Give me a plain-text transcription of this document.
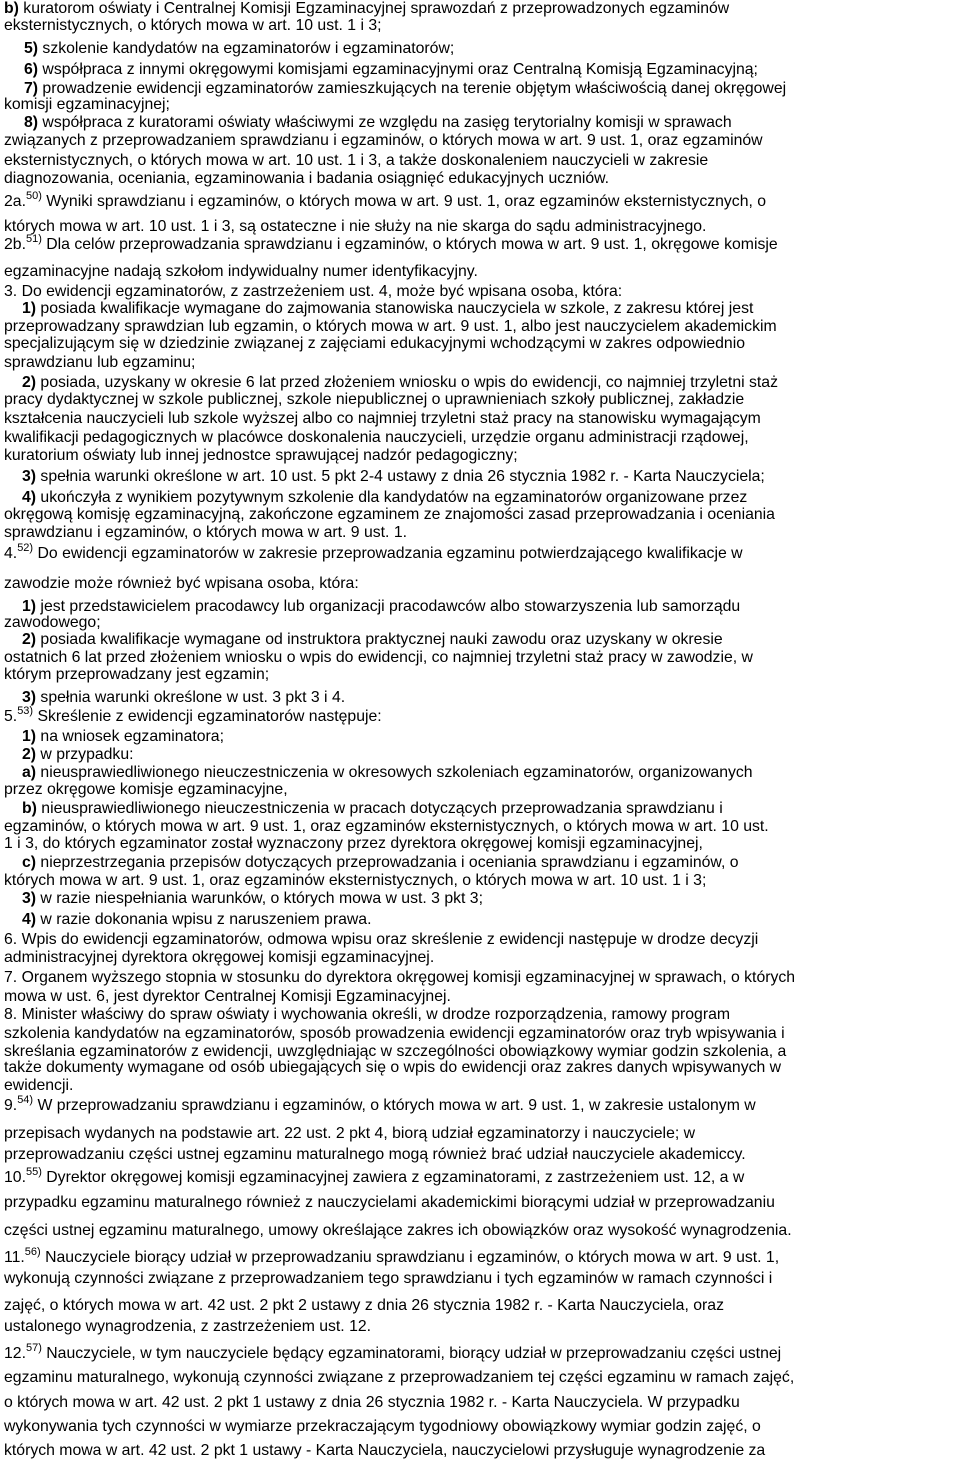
b) kuratorom oświaty i Centralnej Komisji Egzaminacyjnej sprawozdań z przeprowadzonych egzaminów
eksternistycznych, o których mowa w art. 10 ust. 1 i 3;
5) szkolenie kandydatów na egzaminatorów i egzaminatorów;
6) współpraca z innymi okręgowymi komisjami egzaminacyjnymi oraz Centralną Komisją Egzaminacyjną;
7) prowadzenie ewidencji egzaminatorów zamieszkujących na terenie objętym właściwością danej okręgowej
komisji egzaminacyjnej;
8) współpraca z kuratorami oświaty właściwymi ze względu na zasięg terytorialny komisji w sprawach
związanych z przeprowadzaniem sprawdzianu i egzaminów, o których mowa w art. 9 ust. 1, oraz egzaminów
eksternistycznych, o których mowa w art. 10 ust. 1 i 3, a także doskonaleniem nauczycieli w zakresie
diagnozowania, oceniania, egzaminowania i badania osiągnięć edukacyjnych uczniów.
2a.$^{50)}$ Wyniki sprawdzianu i egzaminów, o których mowa w art. 9 ust. 1, oraz egzaminów eksternistycznych, o
których mowa w art. 10 ust. 1 i 3, są ostateczne i nie służy na nie skarga do sądu administracyjnego.
2b.$^{51)}$ Dla celów przeprowadzania sprawdzianu i egzaminów, o których mowa w art. 9 ust. 1, okręgowe komisje
egzaminacyjne nadają szkołom indywidualny numer identyfikacyjny.
3. Do ewidencji egzaminatorów, z zastrzeżeniem ust. 4, może być wpisana osoba, która:
1) posiada kwalifikacje wymagane do zajmowania stanowiska nauczyciela w szkole, z zakresu której jest
przeprowadzany sprawdzian lub egzamin, o których mowa w art. 9 ust. 1, albo jest nauczycielem akademickim
specjalizującym się w dziedzinie związanej z zajęciami edukacyjnymi wchodzącymi w zakres odpowiednio
sprawdzianu lub egzaminu;
2) posiada, uzyskany w okresie 6 lat przed złożeniem wniosku o wpis do ewidencji, co najmniej trzyletni staż
pracy dydaktycznej w szkole publicznej, szkole niepublicznej o uprawnieniach szkoły publicznej, zakładzie
kształcenia nauczycieli lub szkole wyższej albo co najmniej trzyletni staż pracy na stanowisku wymagającym
kwalifikacji pedagogicznych w placówce doskonalenia nauczycieli, urzędzie organu administracji rządowej,
kuratorium oświaty lub innej jednostce sprawującej nadzór pedagogiczny;
3) spełnia warunki określone w art. 10 ust. 5 pkt 2-4 ustawy z dnia 26 stycznia 1982 r. - Karta Nauczyciela;
4) ukończyła z wynikiem pozytywnym szkolenie dla kandydatów na egzaminatorów organizowane przez
okręgową komisję egzaminacyjną, zakończone egzaminem ze znajomości zasad przeprowadzania i oceniania
sprawdzianu i egzaminów, o których mowa w art. 9 ust. 1.
4.$^{52)}$ Do ewidencji egzaminatorów w zakresie przeprowadzania egzaminu potwierdzającego kwalifikacje w
zawodzie może również być wpisana osoba, która:
1) jest przedstawicielem pracodawcy lub organizacji pracodawców albo stowarzyszenia lub samorządu
zawodowego;
2) posiada kwalifikacje wymagane od instruktora praktycznej nauki zawodu oraz uzyskany w okresie
ostatnich 6 lat przed złożeniem wniosku o wpis do ewidencji, co najmniej trzyletni staż pracy w zawodzie, w
którym przeprowadzany jest egzamin;
3) spełnia warunki określone w ust. 3 pkt 3 i 4.
5.$^{53)}$ Skreślenie z ewidencji egzaminatorów następuje:
1) na wniosek egzaminatora;
2) w przypadku:
a) nieusprawiedliwionego nieuczestniczenia w okresowych szkoleniach egzaminatorów, organizowanych
przez okręgowe komisje egzaminacyjne,
b) nieusprawiedliwionego nieuczestniczenia w pracach dotyczących przeprowadzania sprawdzianu i
egzaminów, o których mowa w art. 9 ust. 1, oraz egzaminów eksternistycznych, o których mowa w art. 10 ust.
1 i 3, do których egzaminator został wyznaczony przez dyrektora okręgowej komisji egzaminacyjnej,
c) nieprzestrzegania przepisów dotyczących przeprowadzania i oceniania sprawdzianu i egzaminów, o
których mowa w art. 9 ust. 1, oraz egzaminów eksternistycznych, o których mowa w art. 10 ust. 1 i 3;
3) w razie niespełniania warunków, o których mowa w ust. 3 pkt 3;
4) w razie dokonania wpisu z naruszeniem prawa.
6. Wpis do ewidencji egzaminatorów, odmowa wpisu oraz skreślenie z ewidencji następuje w drodze decyzji
administracyjnej dyrektora okręgowej komisji egzaminacyjnej.
7. Organem wyższego stopnia w stosunku do dyrektora okręgowej komisji egzaminacyjnej w sprawach, o których
mowa w ust. 6, jest dyrektor Centralnej Komisji Egzaminacyjnej.
8. Minister właściwy do spraw oświaty i wychowania określi, w drodze rozporządzenia, ramowy program
szkolenia kandydatów na egzaminatorów, sposób prowadzenia ewidencji egzaminatorów oraz tryb wpisywania i
skreślania egzaminatorów z ewidencji, uwzględniając w szczególności obowiązkowy wymiar godzin szkolenia, a
także dokumenty wymagane od osób ubiegających się o wpis do ewidencji oraz zakres danych wpisywanych w
ewidencji.
9.$^{54)}$ W przeprowadzaniu sprawdzianu i egzaminów, o których mowa w art. 9 ust. 1, w zakresie ustalonym w
przepisach wydanych na podstawie art. 22 ust. 2 pkt 4, biorą udział egzaminatorzy i nauczyciele; w
przeprowadzaniu części ustnej egzaminu maturalnego mogą również brać udział nauczyciele akademiccy.
10.$^{55)}$ Dyrektor okręgowej komisji egzaminacyjnej zawiera z egzaminatorami, z zastrzeżeniem ust. 12, a w
przypadku egzaminu maturalnego również z nauczycielami akademickimi biorącymi udział w przeprowadzaniu
części ustnej egzaminu maturalnego, umowy określające zakres ich obowiązków oraz wysokość wynagrodzenia.
11.$^{56)}$ Nauczyciele biorący udział w przeprowadzaniu sprawdzianu i egzaminów, o których mowa w art. 9 ust. 1,
wykonują czynności związane z przeprowadzaniem tego sprawdzianu i tych egzaminów w ramach czynności i
zajęć, o których mowa w art. 42 ust. 2 pkt 2 ustawy z dnia 26 stycznia 1982 r. - Karta Nauczyciela, oraz
ustalonego wynagrodzenia, z zastrzeżeniem ust. 12.
12.$^{57)}$ Nauczyciele, w tym nauczyciele będący egzaminatorami, biorący udział w przeprowadzaniu części ustnej
egzaminu maturalnego, wykonują czynności związane z przeprowadzaniem tej części egzaminu w ramach zajęć,
o których mowa w art. 42 ust. 2 pkt 1 ustawy z dnia 26 stycznia 1982 r. - Karta Nauczyciela. W przypadku
wykonywania tych czynności w wymiarze przekraczającym tygodniowy obowiązkowy wymiar godzin zajęć, o
których mowa w art. 42 ust. 2 pkt 1 ustawy - Karta Nauczyciela, nauczycielowi przysługuje wynagrodzenie za
